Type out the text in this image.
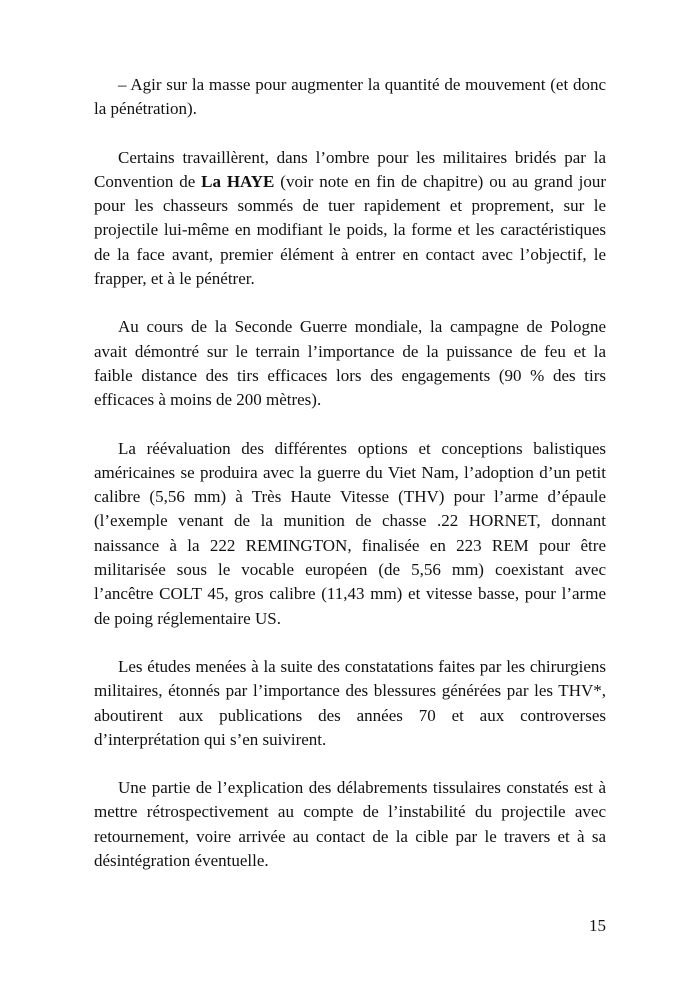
– Agir sur la masse pour augmenter la quantité de mouvement (et donc la pénétration).

Certains travaillèrent, dans l’ombre pour les militaires bridés par la Convention de La HAYE (voir note en fin de chapitre) ou au grand jour pour les chasseurs sommés de tuer rapidement et proprement, sur le projectile lui-même en modifiant le poids, la forme et les caractéristiques de la face avant, premier élément à entrer en contact avec l’objectif, le frapper, et à le pénétrer.

Au cours de la Seconde Guerre mondiale, la campagne de Pologne avait démontré sur le terrain l’importance de la puissance de feu et la faible distance des tirs efficaces lors des engagements (90 % des tirs efficaces à moins de 200 mètres).

La réévaluation des différentes options et conceptions balistiques américaines se produira avec la guerre du Viet Nam, l’adoption d’un petit calibre (5,56 mm) à Très Haute Vitesse (THV) pour l’arme d’épaule (l’exemple venant de la munition de chasse .22 HORNET, donnant naissance à la 222 REMINGTON, finalisée en 223 REM pour être militarisée sous le vocable européen (de 5,56 mm) coexistant avec l’ancêtre COLT 45, gros calibre (11,43 mm) et vitesse basse, pour l’arme de poing réglementaire US.

Les études menées à la suite des constatations faites par les chirurgiens militaires, étonnés par l’importance des blessures générées par les THV*, aboutirent aux publications des années 70 et aux controverses d’interprétation qui s’en suivirent.

Une partie de l’explication des délabrements tissulaires constatés est à mettre rétrospectivement au compte de l’instabilité du projectile avec retournement, voire arrivée au contact de la cible par le travers et à sa désintégration éventuelle.

15
